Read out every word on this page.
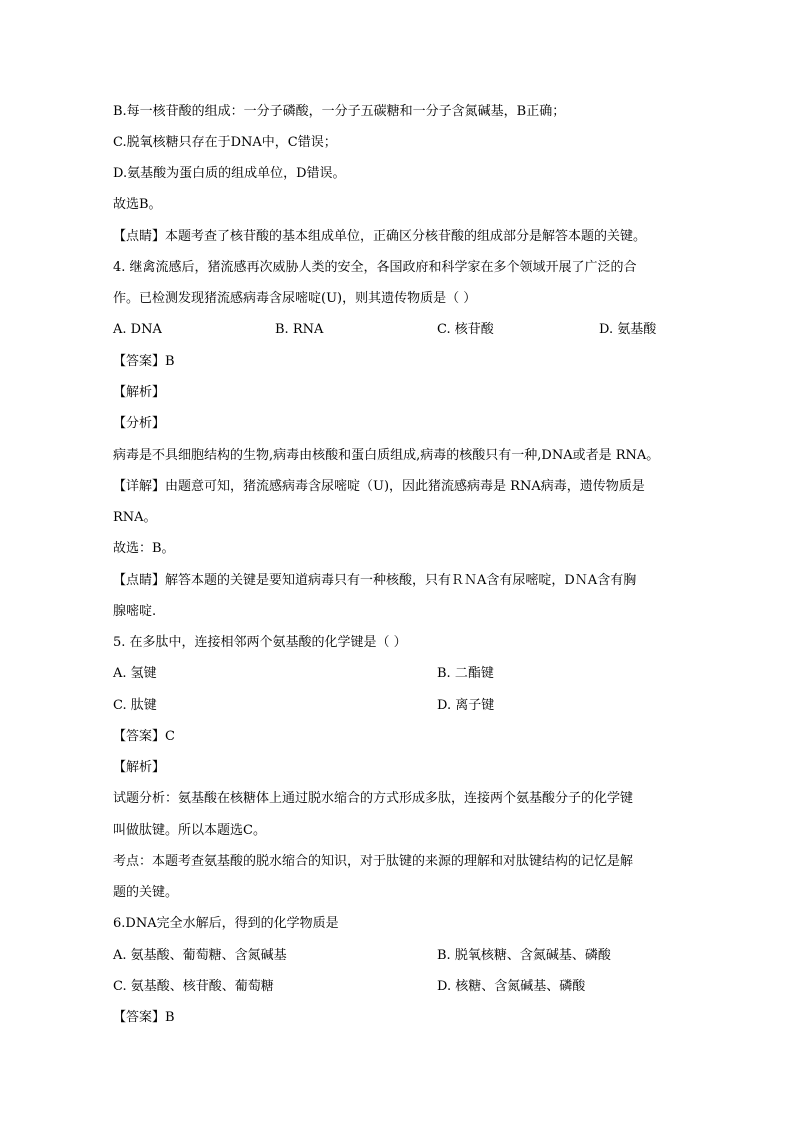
B.每一核苷酸的组成：一分子磷酸，一分子五碳糖和一分子含氮碱基，B正确；
C.脱氧核糖只存在于DNA中，C错误；
D.氨基酸为蛋白质的组成单位，D错误。
故选B。
【点睛】本题考查了核苷酸的基本组成单位，正确区分核苷酸的组成部分是解答本题的关键。
4. 继禽流感后，猪流感再次威胁人类的安全，各国政府和科学家在多个领域开展了广泛的合
作。已检测发现猪流感病毒含尿嘧啶(U)，则其遗传物质是（ ）
A. DNA	B. RNA	C. 核苷酸	D. 氨基酸
【答案】B
【解析】
【分析】
病毒是不具细胞结构的生物,病毒由核酸和蛋白质组成,病毒的核酸只有一种,DNA或者是 RNA。
【详解】由题意可知，猪流感病毒含尿嘧啶（U)，因此猪流感病毒是 RNA病毒，遗传物质是
RNA。
故选：B。
【点睛】解答本题的关键是要知道病毒只有一种核酸，只有ＲＮA含有尿嘧啶，DＮA含有胸
腺嘧啶.
5. 在多肽中，连接相邻两个氨基酸的化学键是（ ）
A. 氢键	B. 二酯键
C. 肽键	D. 离子键
【答案】C
【解析】
试题分析：氨基酸在核糖体上通过脱水缩合的方式形成多肽，连接两个氨基酸分子的化学键
叫做肽键。所以本题选C。
考点：本题考查氨基酸的脱水缩合的知识，对于肽键的来源的理解和对肽键结构的记忆是解
题的关键。
6.DNA完全水解后，得到的化学物质是
A. 氨基酸、葡萄糖、含氮碱基	B. 脱氧核糖、含氮碱基、磷酸
C. 氨基酸、核苷酸、葡萄糖	D. 核糖、含氮碱基、磷酸
【答案】B
